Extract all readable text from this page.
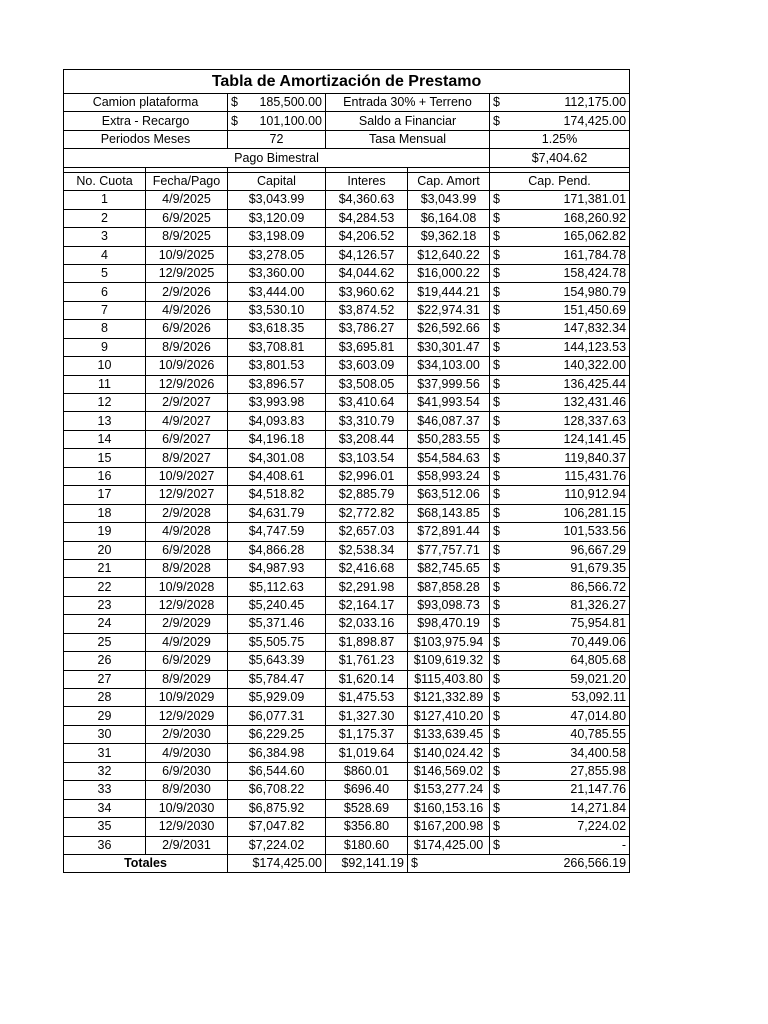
Tabla de Amortización de Prestamo					
Camion plataforma		$ 185,500.00	Entrada 30% + Terreno		$ 112,175.00

Extra - Recargo		$ 101,100.00	Saldo a Financiar		$ 174,425.00

Periodos Meses		72	Tasa Mensual		1.25%
Pago Bimestral					$7,404.62

No. Cuota	Fecha/Pago	Capital	Interes	Cap. Amort	Cap. Pend.
1	4/9/2025	$3,043.99	$4,360.63	$3,043.99	$ 171,381.01

2	6/9/2025	$3,120.09	$4,284.53	$6,164.08	$ 168,260.92

3	8/9/2025	$3,198.09	$4,206.52	$9,362.18	$ 165,062.82

4	10/9/2025	$3,278.05	$4,126.57	$12,640.22	$ 161,784.78

5	12/9/2025	$3,360.00	$4,044.62	$16,000.22	$ 158,424.78

6	2/9/2026	$3,444.00	$3,960.62	$19,444.21	$ 154,980.79

7	4/9/2026	$3,530.10	$3,874.52	$22,974.31	$ 151,450.69

8	6/9/2026	$3,618.35	$3,786.27	$26,592.66	$ 147,832.34

9	8/9/2026	$3,708.81	$3,695.81	$30,301.47	$ 144,123.53

10	10/9/2026	$3,801.53	$3,603.09	$34,103.00	$ 140,322.00

11	12/9/2026	$3,896.57	$3,508.05	$37,999.56	$ 136,425.44

12	2/9/2027	$3,993.98	$3,410.64	$41,993.54	$ 132,431.46

13	4/9/2027	$4,093.83	$3,310.79	$46,087.37	$ 128,337.63

14	6/9/2027	$4,196.18	$3,208.44	$50,283.55	$ 124,141.45

15	8/9/2027	$4,301.08	$3,103.54	$54,584.63	$ 119,840.37

16	10/9/2027	$4,408.61	$2,996.01	$58,993.24	$ 115,431.76

17	12/9/2027	$4,518.82	$2,885.79	$63,512.06	$ 110,912.94

18	2/9/2028	$4,631.79	$2,772.82	$68,143.85	$ 106,281.15

19	4/9/2028	$4,747.59	$2,657.03	$72,891.44	$ 101,533.56

20	6/9/2028	$4,866.28	$2,538.34	$77,757.71	$ 96,667.29

21	8/9/2028	$4,987.93	$2,416.68	$82,745.65	$ 91,679.35

22	10/9/2028	$5,112.63	$2,291.98	$87,858.28	$ 86,566.72

23	12/9/2028	$5,240.45	$2,164.17	$93,098.73	$ 81,326.27

24	2/9/2029	$5,371.46	$2,033.16	$98,470.19	$ 75,954.81

25	4/9/2029	$5,505.75	$1,898.87	$103,975.94	$ 70,449.06

26	6/9/2029	$5,643.39	$1,761.23	$109,619.32	$ 64,805.68

27	8/9/2029	$5,784.47	$1,620.14	$115,403.80	$ 59,021.20

28	10/9/2029	$5,929.09	$1,475.53	$121,332.89	$ 53,092.11

29	12/9/2029	$6,077.31	$1,327.30	$127,410.20	$ 47,014.80

30	2/9/2030	$6,229.25	$1,175.37	$133,639.45	$ 40,785.55

31	4/9/2030	$6,384.98	$1,019.64	$140,024.42	$ 34,400.58

32	6/9/2030	$6,544.60	$860.01	$146,569.02	$ 27,855.98

33	8/9/2030	$6,708.22	$696.40	$153,277.24	$ 21,147.76

34	10/9/2030	$6,875.92	$528.69	$160,153.16	$ 14,271.84

35	12/9/2030	$7,047.82	$356.80	$167,200.98	$ 7,224.02

36	2/9/2031	$7,224.02	$180.60	$174,425.00	$ -

Totales		$174,425.00	$92,141.19	$ 266,566.19	
